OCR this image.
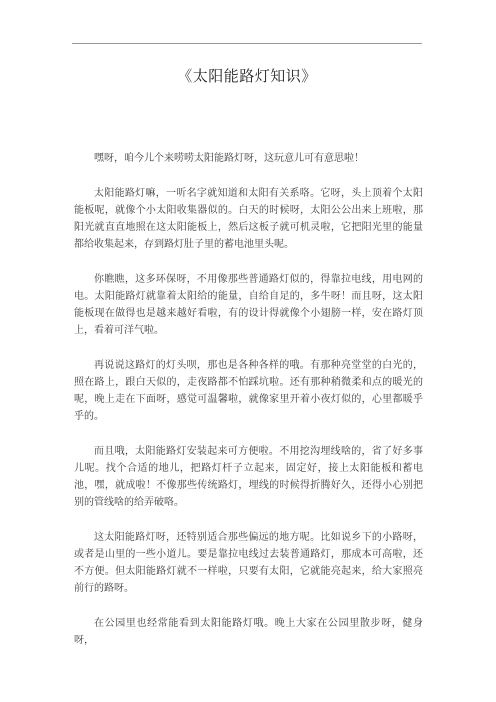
《太阳能路灯知识》

嘿呀，咱今儿个来唠唠太阳能路灯呀，这玩意儿可有意思啦！

太阳能路灯嘛，一听名字就知道和太阳有关系咯。它呀，头上顶着个太阳能板呢，就像个小太阳收集器似的。白天的时候呀，太阳公公出来上班啦，那阳光就直直地照在这太阳能板上，然后这板子就可机灵啦，它把阳光里的能量都给收集起来，存到路灯肚子里的蓄电池里头呢。

你瞧瞧，这多环保呀，不用像那些普通路灯似的，得靠拉电线，用电网的电。太阳能路灯就靠着太阳给的能量，自给自足的，多牛呀！而且呀，这太阳能板现在做得也是越来越好看啦，有的设计得就像个小翅膀一样，安在路灯顶上，看着可洋气啦。

再说说这路灯的灯头呗，那也是各种各样的哦。有那种亮堂堂的白光的，照在路上，跟白天似的，走夜路都不怕踩坑啦。还有那种稍微柔和点的暖光的呢，晚上走在下面呀，感觉可温馨啦，就像家里开着小夜灯似的，心里都暖乎乎的。

而且哦，太阳能路灯安装起来可方便啦。不用挖沟埋线啥的，省了好多事儿呢。找个合适的地儿，把路灯杆子立起来，固定好，接上太阳能板和蓄电池，嘿，就成啦！不像那些传统路灯，埋线的时候得折腾好久，还得小心别把别的管线啥的给弄破咯。

这太阳能路灯呀，还特别适合那些偏远的地方呢。比如说乡下的小路呀，或者是山里的一些小道儿。要是靠拉电线过去装普通路灯，那成本可高啦，还不方便。但太阳能路灯就不一样啦，只要有太阳，它就能亮起来，给大家照亮前行的路呀。

在公园里也经常能看到太阳能路灯哦。晚上大家在公园里散步呀，健身呀，
